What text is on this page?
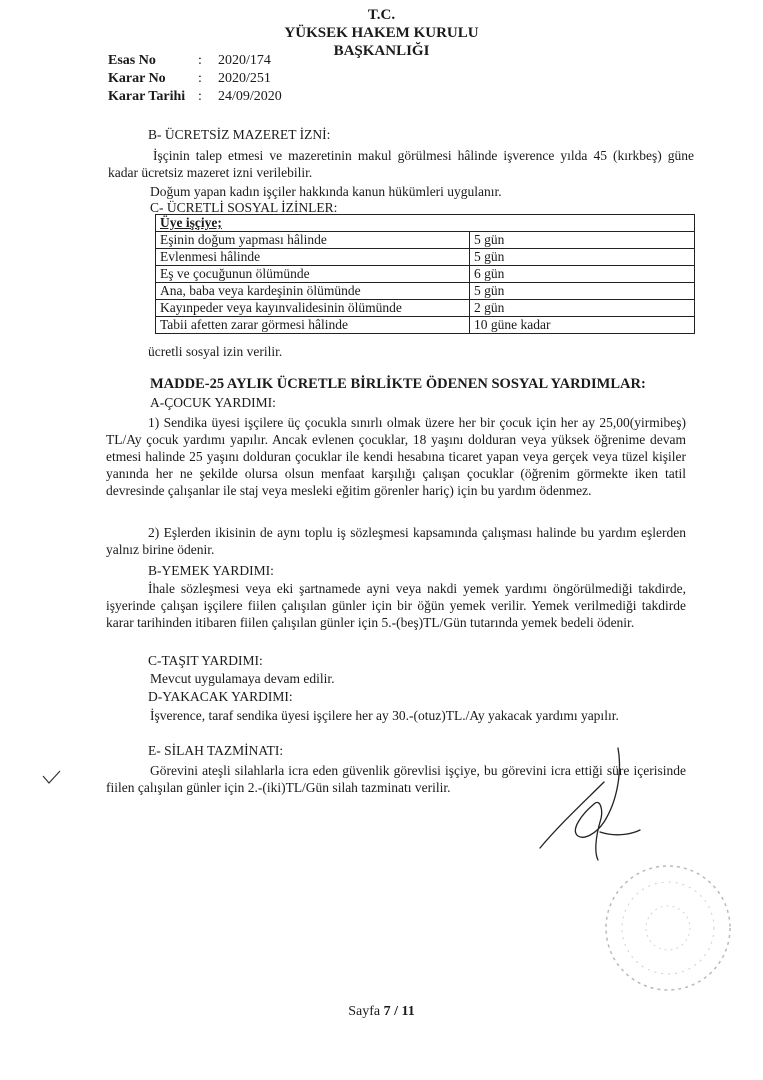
T.C.
YÜKSEK HAKEM KURULU
BAŞKANLIĞI
Esas No	:	2020/174
Karar No	:	2020/251
Karar Tarihi :	24/09/2020
B- ÜCRETSİZ MAZERET İZNİ:
İşçinin talep etmesi ve mazeretinin makul görülmesi hâlinde işverence yılda 45 (kırkbeş) güne kadar ücretsiz mazeret izni verilebilir.
Doğum yapan kadın işçiler hakkında kanun hükümleri uygulanır.
C- ÜCRETLİ SOSYAL İZİNLER:
Üye işçiye;	
Eşinin doğum yapması hâlinde	5 gün
Evlenmesi hâlinde	5 gün
Eş ve çocuğunun ölümünde	6 gün
Ana, baba veya kardeşinin ölümünde	5 gün
Kayınpeder veya kayınvalidesinin ölümünde	2 gün
Tabii afetten zarar görmesi hâlinde	10 güne kadar
ücretli sosyal izin verilir.
MADDE-25 AYLIK ÜCRETLE BİRLİKTE ÖDENEN SOSYAL YARDIMLAR:
A-ÇOCUK YARDIMI:
1) Sendika üyesi işçilere üç çocukla sınırlı olmak üzere her bir çocuk için her ay 25,00(yirmibeş) TL/Ay çocuk yardımı yapılır. Ancak evlenen çocuklar, 18 yaşını dolduran veya yüksek öğrenime devam etmesi halinde 25 yaşını dolduran çocuklar ile kendi hesabına ticaret yapan veya gerçek veya tüzel kişiler yanında her ne şekilde olursa olsun menfaat karşılığı çalışan çocuklar (öğrenim görmekte iken tatil devresinde çalışanlar ile staj veya mesleki eğitim görenler hariç) için bu yardım ödenmez.
2) Eşlerden ikisinin de aynı toplu iş sözleşmesi kapsamında çalışması halinde bu yardım eşlerden yalnız birine ödenir.
B-YEMEK YARDIMI:
İhale sözleşmesi veya eki şartnamede ayni veya nakdi yemek yardımı öngörülmediği takdirde, işyerinde çalışan işçilere fiilen çalışılan günler için bir öğün yemek verilir. Yemek verilmediği takdirde karar tarihinden itibaren fiilen çalışılan günler için 5.-(beş)TL/Gün tutarında yemek bedeli ödenir.
C-TAŞIT YARDIMI:
Mevcut uygulamaya devam edilir.
D-YAKACAK YARDIMI:
İşverence, taraf sendika üyesi işçilere her ay 30.-(otuz)TL./Ay yakacak yardımı yapılır.
E- SİLAH TAZMİNATI:
Görevini ateşli silahlarla icra eden güvenlik görevlisi işçiye, bu görevini icra ettiği süre içerisinde fiilen çalışılan günler için 2.-(iki)TL/Gün silah tazminatı verilir.
Sayfa 7 / 11
